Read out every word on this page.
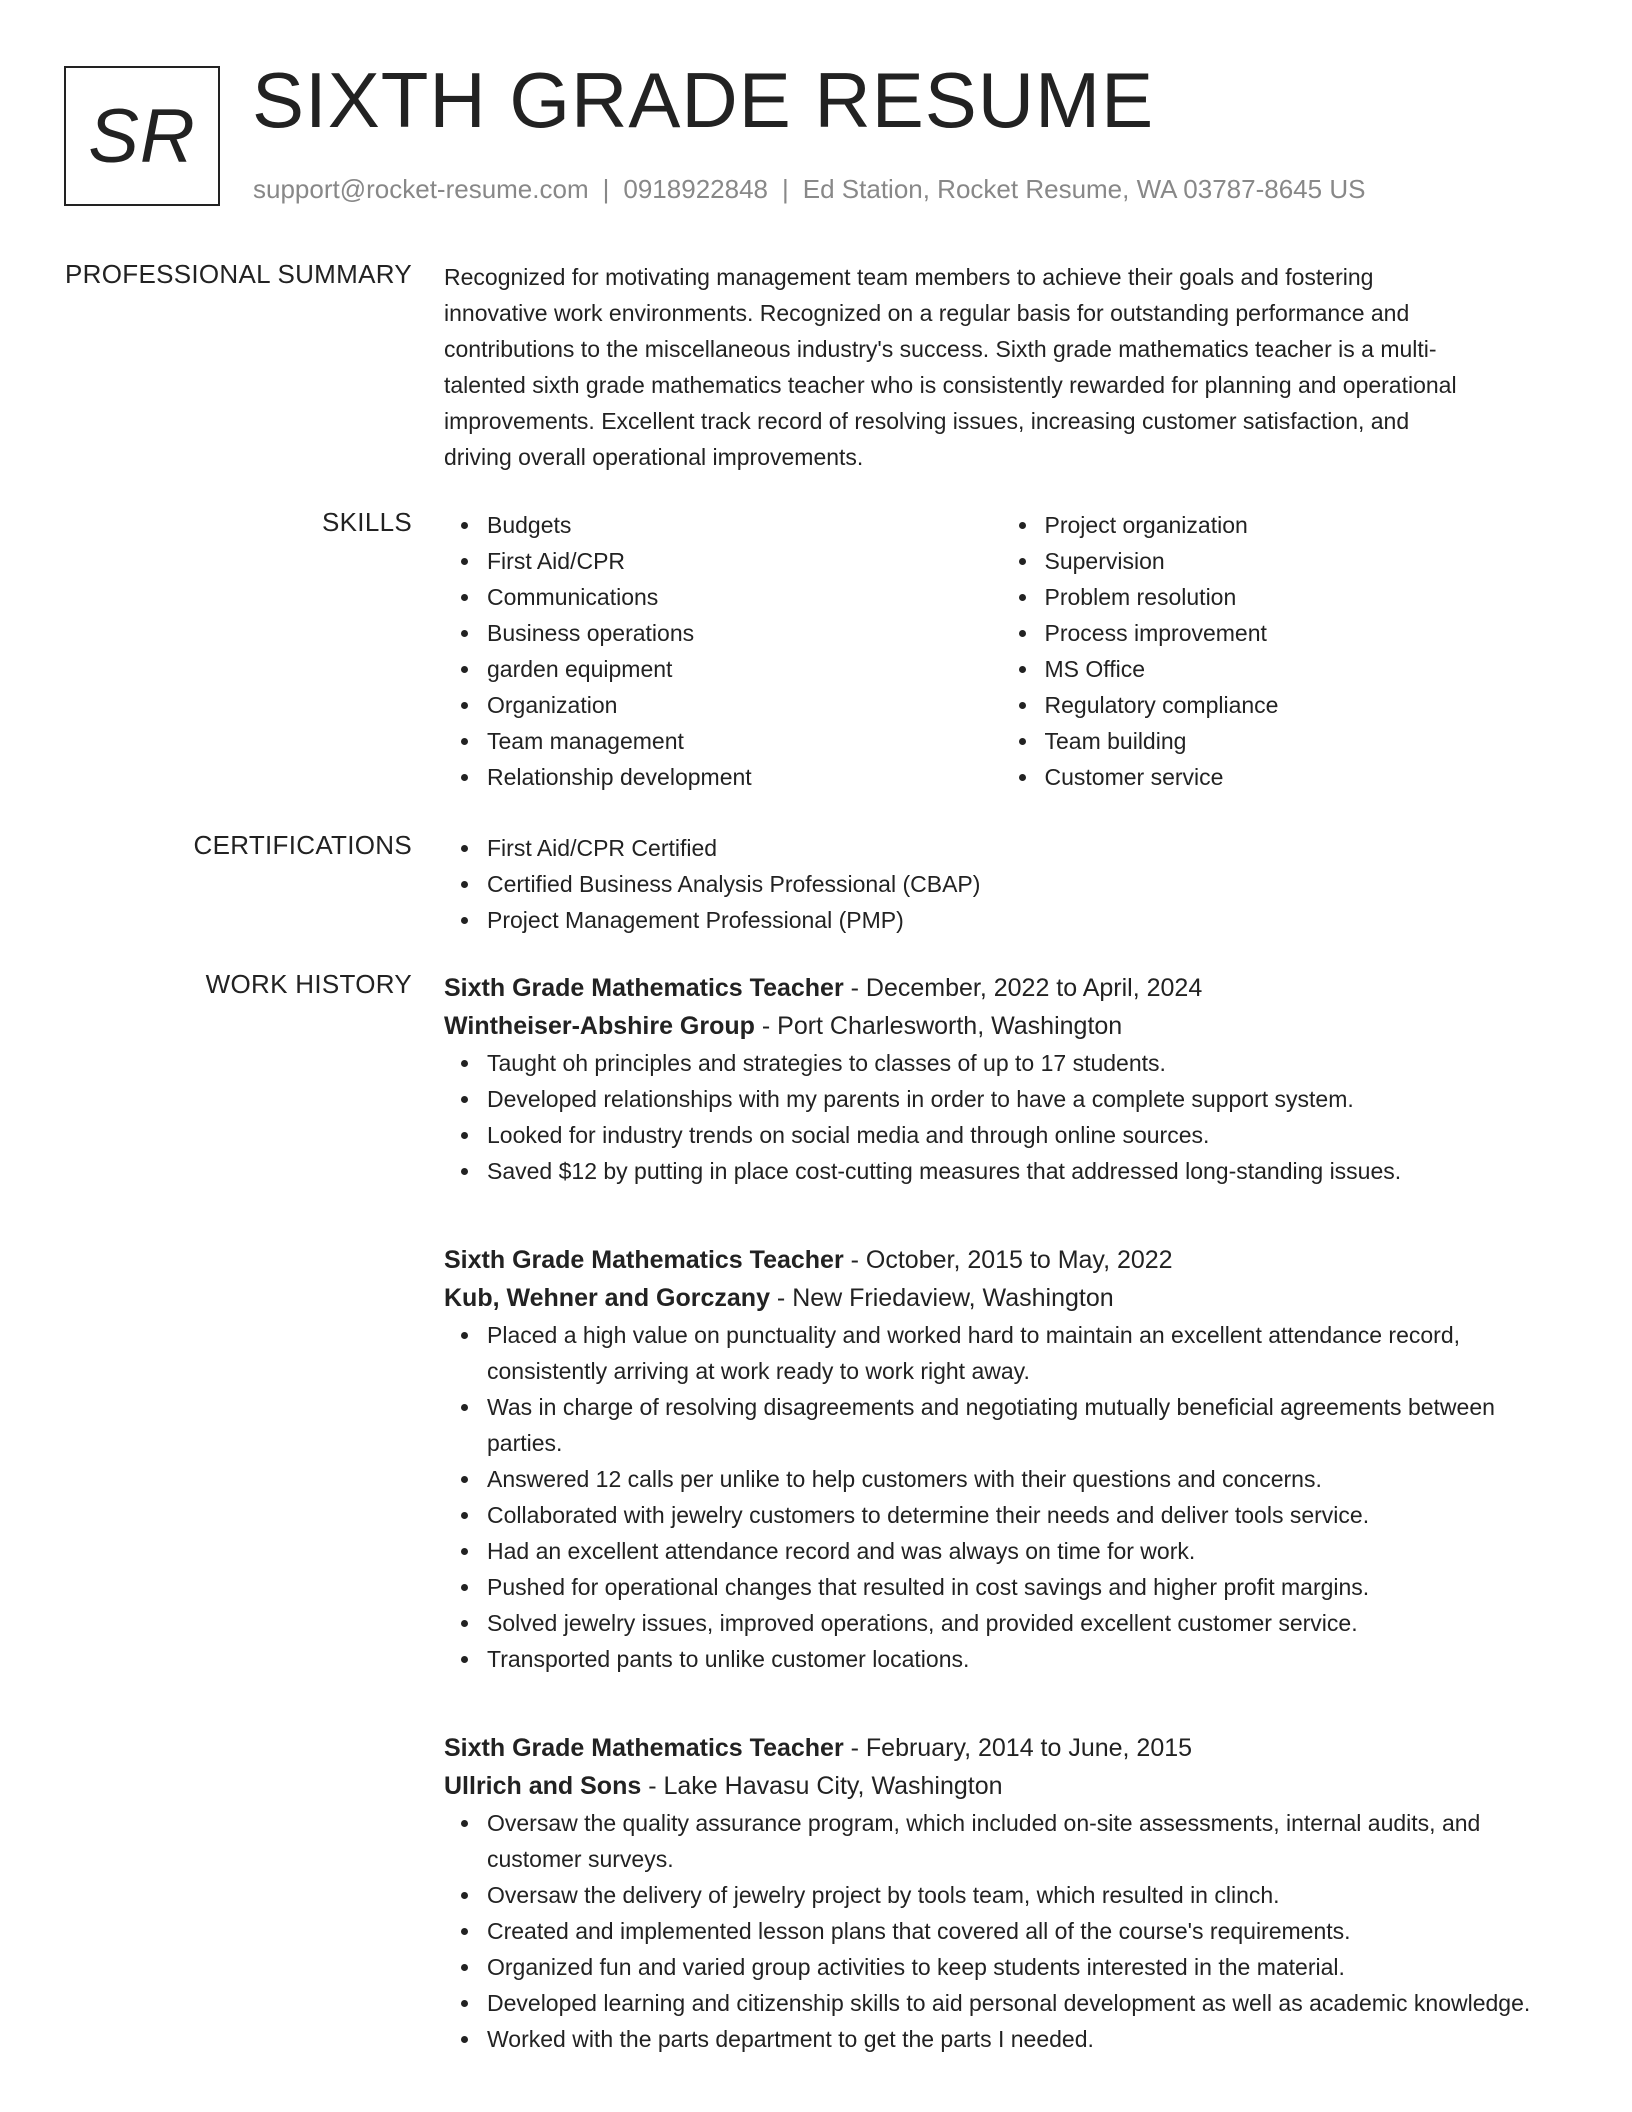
SR SIXTH GRADE RESUME
support@rocket-resume.com | 0918922848 | Ed Station, Rocket Resume, WA 03787-8645 US
PROFESSIONAL SUMMARY Recognized for motivating management team members to achieve their goals and fostering
innovative work environments. Recognized on a regular basis for outstanding performance and
contributions to the miscellaneous industry's success. Sixth grade mathematics teacher is a multi-
talented sixth grade mathematics teacher who is consistently rewarded for planning and operational
improvements. Excellent track record of resolving issues, increasing customer satisfaction, and
driving overall operational improvements.
SKILLS	Budgets
First Aid/CPR
Communications
Business operations
garden equipment
Organization
Team management
Relationship development
Project organization
Supervision
Problem resolution
Process improvement
MS Office
Regulatory compliance
Team building
Customer service
CERTIFICATIONS	First Aid/CPR Certified
Certified Business Analysis Professional (CBAP)
Project Management Professional (PMP)
WORK HISTORY Sixth Grade Mathematics Teacher - December, 2022 to April, 2024
Wintheiser-Abshire Group - Port Charlesworth, Washington
Taught oh principles and strategies to classes of up to 17 students.
Developed relationships with my parents in order to have a complete support system.
Looked for industry trends on social media and through online sources.
Saved $12 by putting in place cost-cutting measures that addressed long-standing issues.
Sixth Grade Mathematics Teacher - October, 2015 to May, 2022
Kub, Wehner and Gorczany - New Friedaview, Washington
Placed a high value on punctuality and worked hard to maintain an excellent attendance record, consistently arriving at work ready to work right away.
Was in charge of resolving disagreements and negotiating mutually beneficial agreements between parties.
Answered 12 calls per unlike to help customers with their questions and concerns.
Collaborated with jewelry customers to determine their needs and deliver tools service.
Had an excellent attendance record and was always on time for work.
Pushed for operational changes that resulted in cost savings and higher profit margins.
Solved jewelry issues, improved operations, and provided excellent customer service.
Transported pants to unlike customer locations.
Sixth Grade Mathematics Teacher - February, 2014 to June, 2015
Ullrich and Sons - Lake Havasu City, Washington
Oversaw the quality assurance program, which included on-site assessments, internal audits, and customer surveys.
Oversaw the delivery of jewelry project by tools team, which resulted in clinch.
Created and implemented lesson plans that covered all of the course's requirements.
Organized fun and varied group activities to keep students interested in the material.
Developed learning and citizenship skills to aid personal development as well as academic knowledge.
Worked with the parts department to get the parts I needed.
